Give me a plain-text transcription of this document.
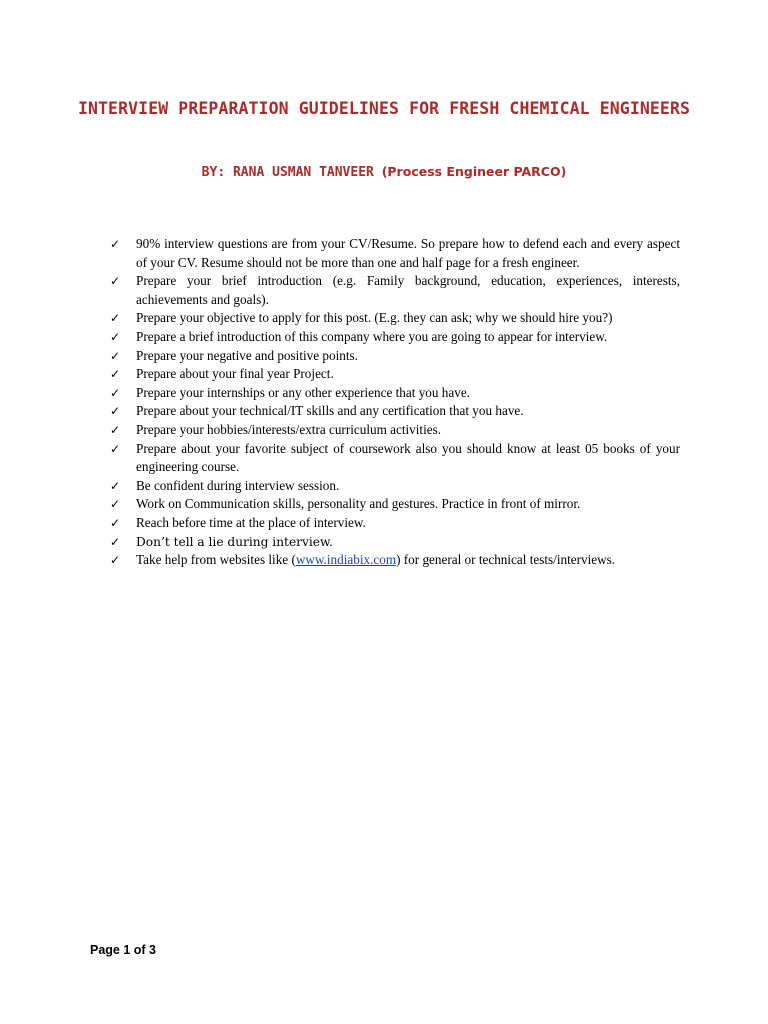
INTERVIEW PREPARATION GUIDELINES FOR FRESH CHEMICAL ENGINEERS
BY: RANA USMAN TANVEER (Process Engineer PARCO)
✓ 90% interview questions are from your CV/Resume. So prepare how to defend each and every aspect of your CV. Resume should not be more than one and half page for a fresh engineer.
✓ Prepare your brief introduction (e.g. Family background, education, experiences, interests, achievements and goals).
✓ Prepare your objective to apply for this post. (E.g. they can ask; why we should hire you?)
✓ Prepare a brief introduction of this company where you are going to appear for interview.
✓ Prepare your negative and positive points.
✓ Prepare about your final year Project.
✓ Prepare your internships or any other experience that you have.
✓ Prepare about your technical/IT skills and any certification that you have.
✓ Prepare your hobbies/interests/extra curriculum activities.
✓ Prepare about your favorite subject of coursework also you should know at least 05 books of your engineering course.
✓ Be confident during interview session.
✓ Work on Communication skills, personality and gestures. Practice in front of mirror.
✓ Reach before time at the place of interview.
✓ Don’t tell a lie during interview.
✓ Take help from websites like (www.indiabix.com) for general or technical tests/interviews.
Page 1 of 3
